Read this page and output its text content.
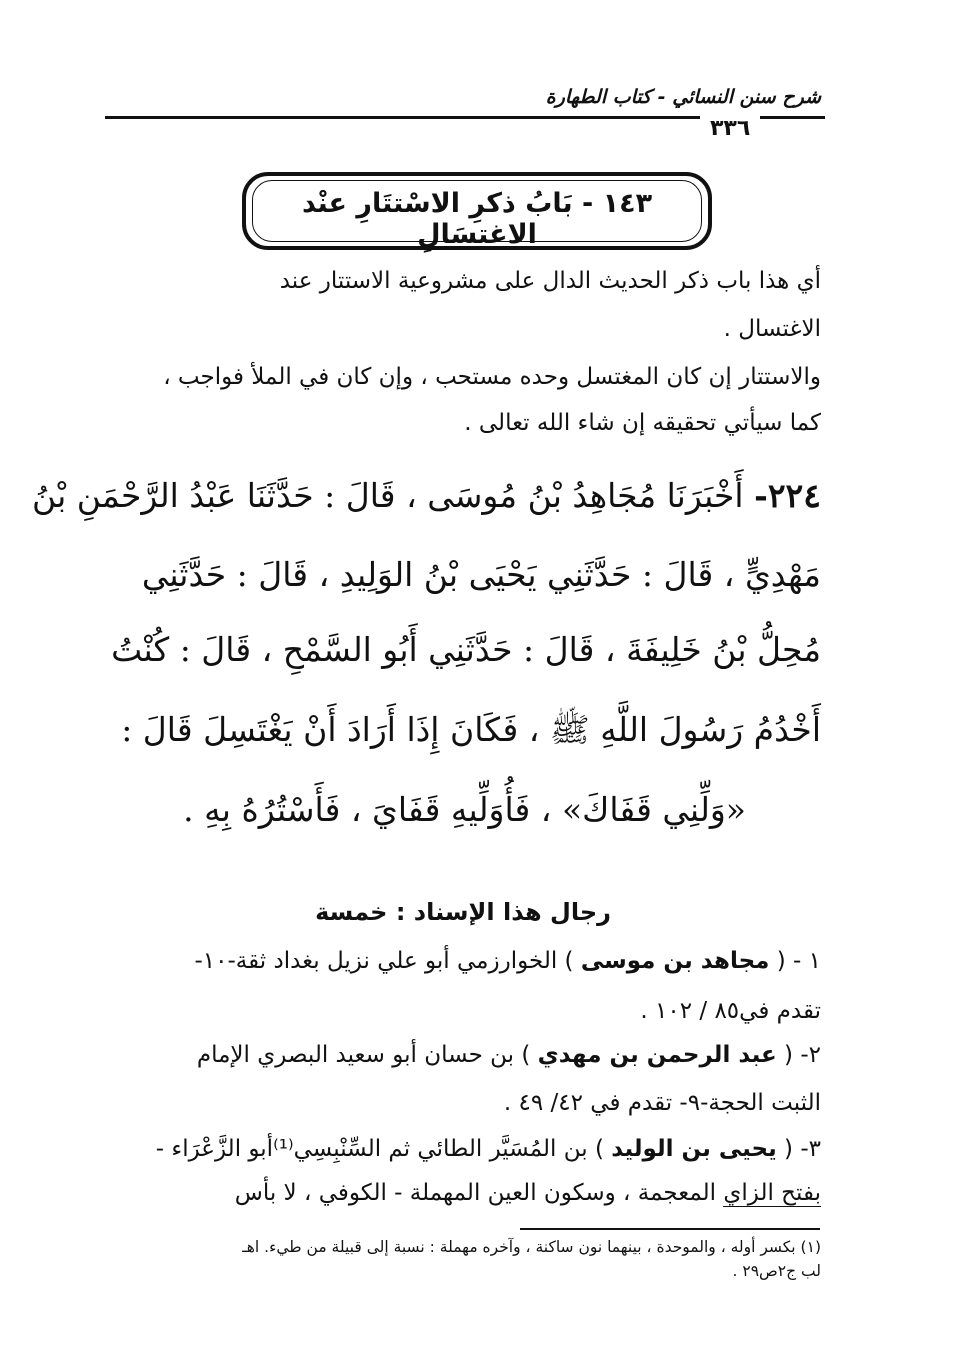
شرح سنن النسائي - كتاب الطهارة
٣٣٦
١٤٣ - بَابُ ذكرِ الاسْتتَارِ عنْد الاغتسَالِ
أي هذا باب ذكر الحديث الدال على مشروعية الاستتار عند
الاغتسال .
والاستتار إن كان المغتسل وحده مستحب ، وإن كان في الملأ فواجب ،
كما سيأتي تحقيقه إن شاء الله تعالى .
٢٢٤- أَخْبَرَنَا مُجَاهِدُ بْنُ مُوسَى ، قَالَ : حَدَّثَنَا عَبْدُ الرَّحْمَنِ بْنُ
مَهْدِيٍّ ، قَالَ : حَدَّثَنِي يَحْيَى بْنُ الوَلِيدِ ، قَالَ : حَدَّثَنِي
مُحِلُّ بْنُ خَلِيفَةَ ، قَالَ : حَدَّثَنِي أَبُو السَّمْحِ ، قَالَ : كُنْتُ
أَخْدُمُ رَسُولَ اللَّهِ ﷺ ، فَكَانَ إِذَا أَرَادَ أَنْ يَغْتَسِلَ قَالَ :
«وَلِّنِي قَفَاكَ» ، فَأُوَلِّيهِ قَفَايَ ، فَأَسْتُرُهُ بِهِ .
رجال هذا الإسناد : خمسة
١ - ( مجاهد بن موسى ) الخوارزمي أبو علي نزيل بغداد ثقة-١٠-
تقدم في٨٥ / ١٠٢ .
٢- ( عبد الرحمن بن مهدي ) بن حسان أبو سعيد البصري الإمام
الثبت الحجة-٩- تقدم في ٤٢/ ٤٩ .
٣- ( يحيى بن الوليد ) بن المُسَيَّر الطائي ثم السِّنْبِسِي⁽¹⁾أبو الزَّعْرَاء -
بفتح الزاي المعجمة ، وسكون العين المهملة - الكوفي ، لا بأس
(١) بكسر أوله ، والموحدة ، بينهما نون ساكنة ، وآخره مهملة : نسبة إلى قبيلة من طيء. اهـ
لب ج٢ص٢٩ .
